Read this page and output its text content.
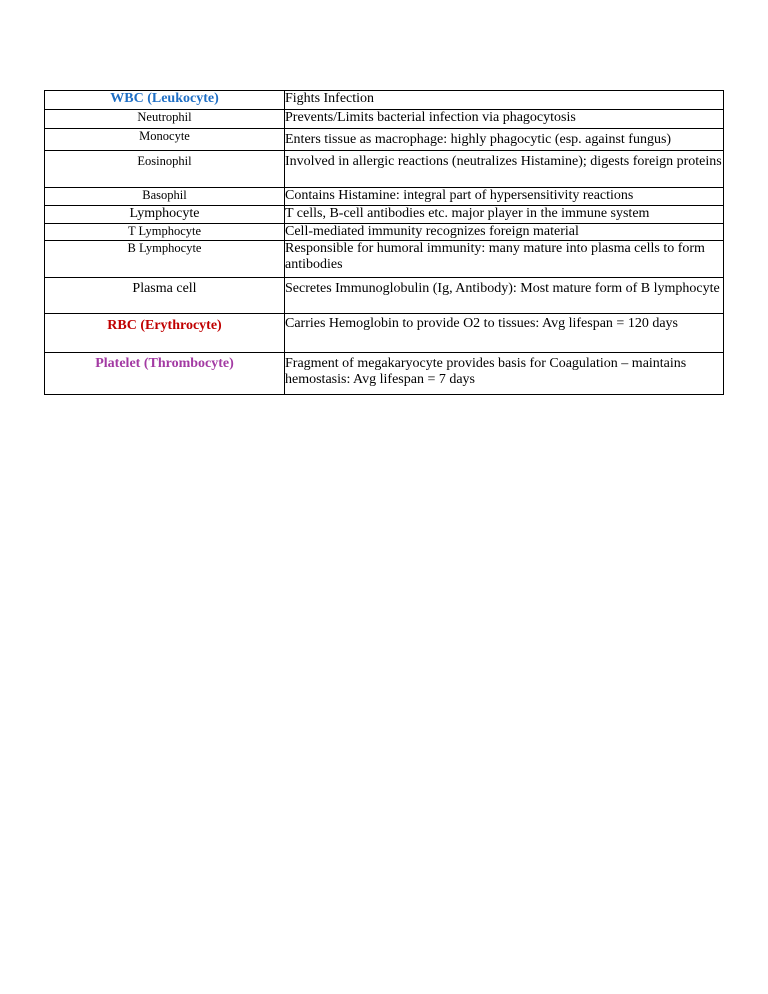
WBC (Leukocyte)	Fights Infection
Neutrophil	Prevents/Limits bacterial infection via phagocytosis
Monocyte	Enters tissue as macrophage: highly phagocytic (esp. against fungus)
Eosinophil	Involved in allergic reactions (neutralizes Histamine); digests foreign proteins
Basophil	Contains Histamine: integral part of hypersensitivity reactions
Lymphocyte	T cells, B-cell antibodies etc. major player in the immune system
T Lymphocyte	Cell-mediated immunity recognizes foreign material
B Lymphocyte	Responsible for humoral immunity: many mature into plasma cells to form antibodies
Plasma cell	Secretes Immunoglobulin (Ig, Antibody): Most mature form of B lymphocyte
RBC (Erythrocyte)	Carries Hemoglobin to provide O2 to tissues: Avg lifespan = 120 days
Platelet (Thrombocyte)	Fragment of megakaryocyte provides basis for Coagulation – maintains hemostasis: Avg lifespan = 7 days
